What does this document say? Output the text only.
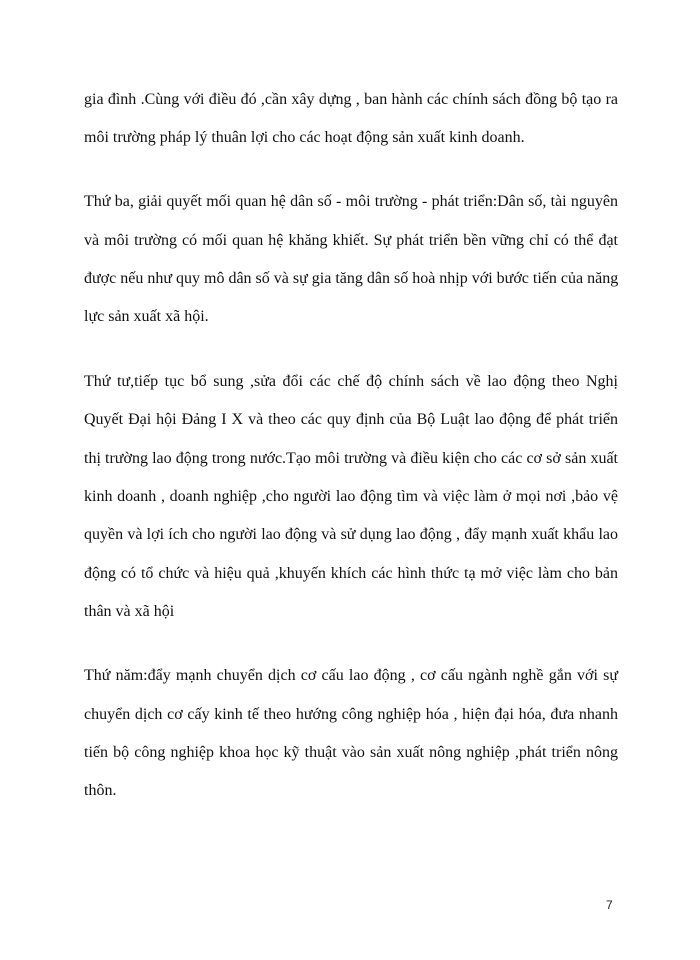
gia đình .Cùng với điều đó ,cần xây dựng , ban hành các chính sách đồng bộ tạo ra
môi trường pháp lý thuân lợi cho các hoạt động sản xuất kinh doanh.
Thứ ba, giải quyết mối quan hệ dân số - môi trường - phát triển:Dân số, tài nguyên
và môi trường có mối quan hệ khăng khiết. Sự phát triển bền vững chỉ có thể đạt
được nếu như quy mô dân số và sự gia tăng dân số hoà nhịp với bước tiến của năng
lực sản xuất xã hội.
Thứ tư,tiếp tục bổ sung ,sửa đổi các chế độ chính sách về lao động theo Nghị
Quyết Đại hội Đảng I X và theo các quy định của Bộ Luật lao động để phát triển
thị trường lao động trong nước.Tạo môi trường và điều kiện cho các cơ sở sản xuất
kinh doanh , doanh nghiệp ,cho người lao động tìm và việc làm ở mọi nơi ,bảo vệ
quyền và lợi ích cho người lao động và sử dụng lao động , đẩy mạnh xuất khẩu lao
động có tổ chức và hiệu quả ,khuyến khích các hình thức tạ mở việc làm cho bản
thân và xã hội
Thứ năm:đẩy mạnh chuyển dịch cơ cấu lao động , cơ cấu ngành nghề gắn với sự
chuyển dịch cơ cấy kinh tế theo hướng công nghiệp hóa , hiện đại hóa, đưa nhanh
tiến bộ công nghiệp khoa học kỹ thuật vào sản xuất nông nghiệp ,phát triển nông
thôn.
7
